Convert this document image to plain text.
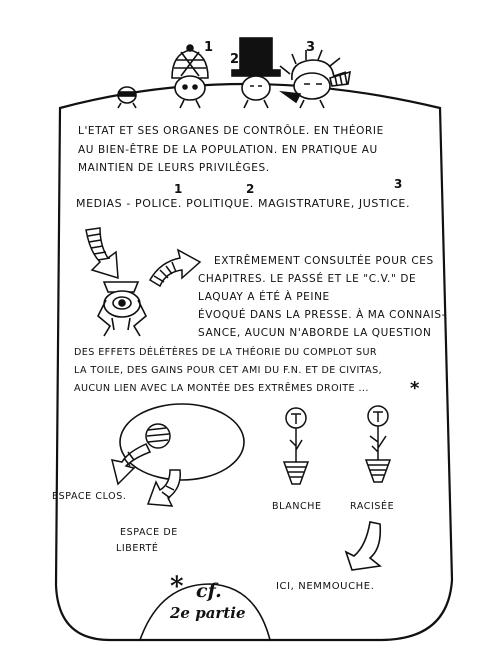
1
2
3
L'ETAT ET SES ORGANES DE CONTRÔLE. EN THÉORIE
AU BIEN-ÊTRE DE LA POPULATION. EN PRATIQUE AU
MAINTIEN DE LEURS PRIVILÈGES.
1	2	3
MEDIAS - POLICE. POLITIQUE. MAGISTRATURE, JUSTICE.
EXTRÊMEMENT CONSULTÉE POUR CES
CHAPITRES. LE PASSÉ ET LE "C.V." DE
LAQUAY A ÉTÉ À PEINE
ÉVOQUÉ DANS LA PRESSE. À MA CONNAIS-
SANCE, AUCUN N'ABORDE LA QUESTION
DES EFFETS DÉLÉTÈRES DE LA THÉORIE DU COMPLOT SUR
LA TOILE, DES GAINS POUR CET AMI DU F.N. ET DE CIVITAS,
AUCUN LIEN AVEC LA MONTÉE DES EXTRÊMES DROITE ... *
ESPACE CLOS.
ESPACE DE
LIBERTÉ
BLANCHE	RACISÉE
ICI, NEMMOUCHE.
* cf.
2e partie
